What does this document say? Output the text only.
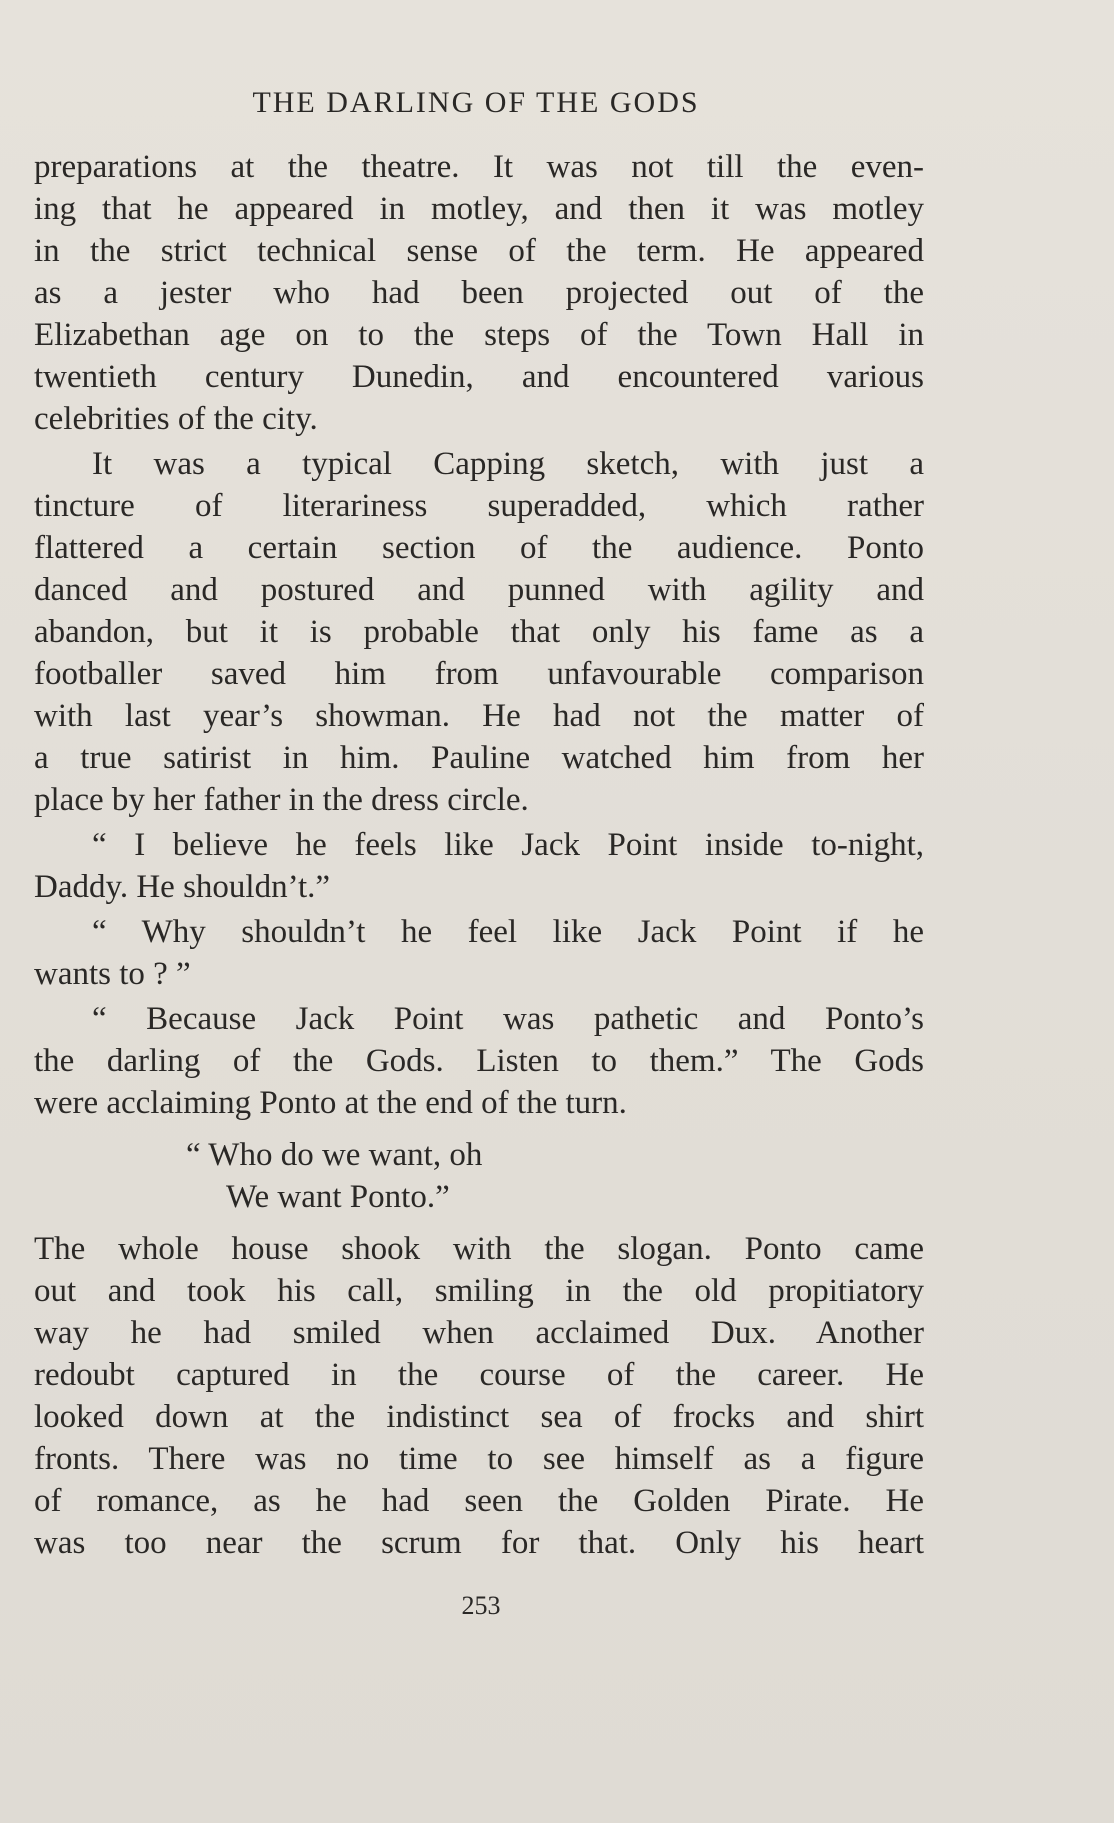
THE DARLING OF THE GODS

preparations at the theatre. It was not till the even-
ing that he appeared in motley, and then it was motley
in the strict technical sense of the term. He appeared
as a jester who had been projected out of the
Elizabethan age on to the steps of the Town Hall in
twentieth century Dunedin, and encountered various
celebrities of the city.

It was a typical Capping sketch, with just a
tincture of literariness superadded, which rather
flattered a certain section of the audience. Ponto
danced and postured and punned with agility and
abandon, but it is probable that only his fame as a
footballer saved him from unfavourable comparison
with last year’s showman. He had not the matter of
a true satirist in him. Pauline watched him from her
place by her father in the dress circle.

“ I believe he feels like Jack Point inside to-night,
Daddy. He shouldn’t.”

“ Why shouldn’t he feel like Jack Point if he
wants to ? ”

“ Because Jack Point was pathetic and Ponto’s
the darling of the Gods. Listen to them.” The Gods
were acclaiming Ponto at the end of the turn.

“ Who do we want, oh
We want Ponto.”

The whole house shook with the slogan. Ponto came
out and took his call, smiling in the old propitiatory
way he had smiled when acclaimed Dux. Another
redoubt captured in the course of the career. He
looked down at the indistinct sea of frocks and shirt
fronts. There was no time to see himself as a figure
of romance, as he had seen the Golden Pirate. He
was too near the scrum for that. Only his heart

253
